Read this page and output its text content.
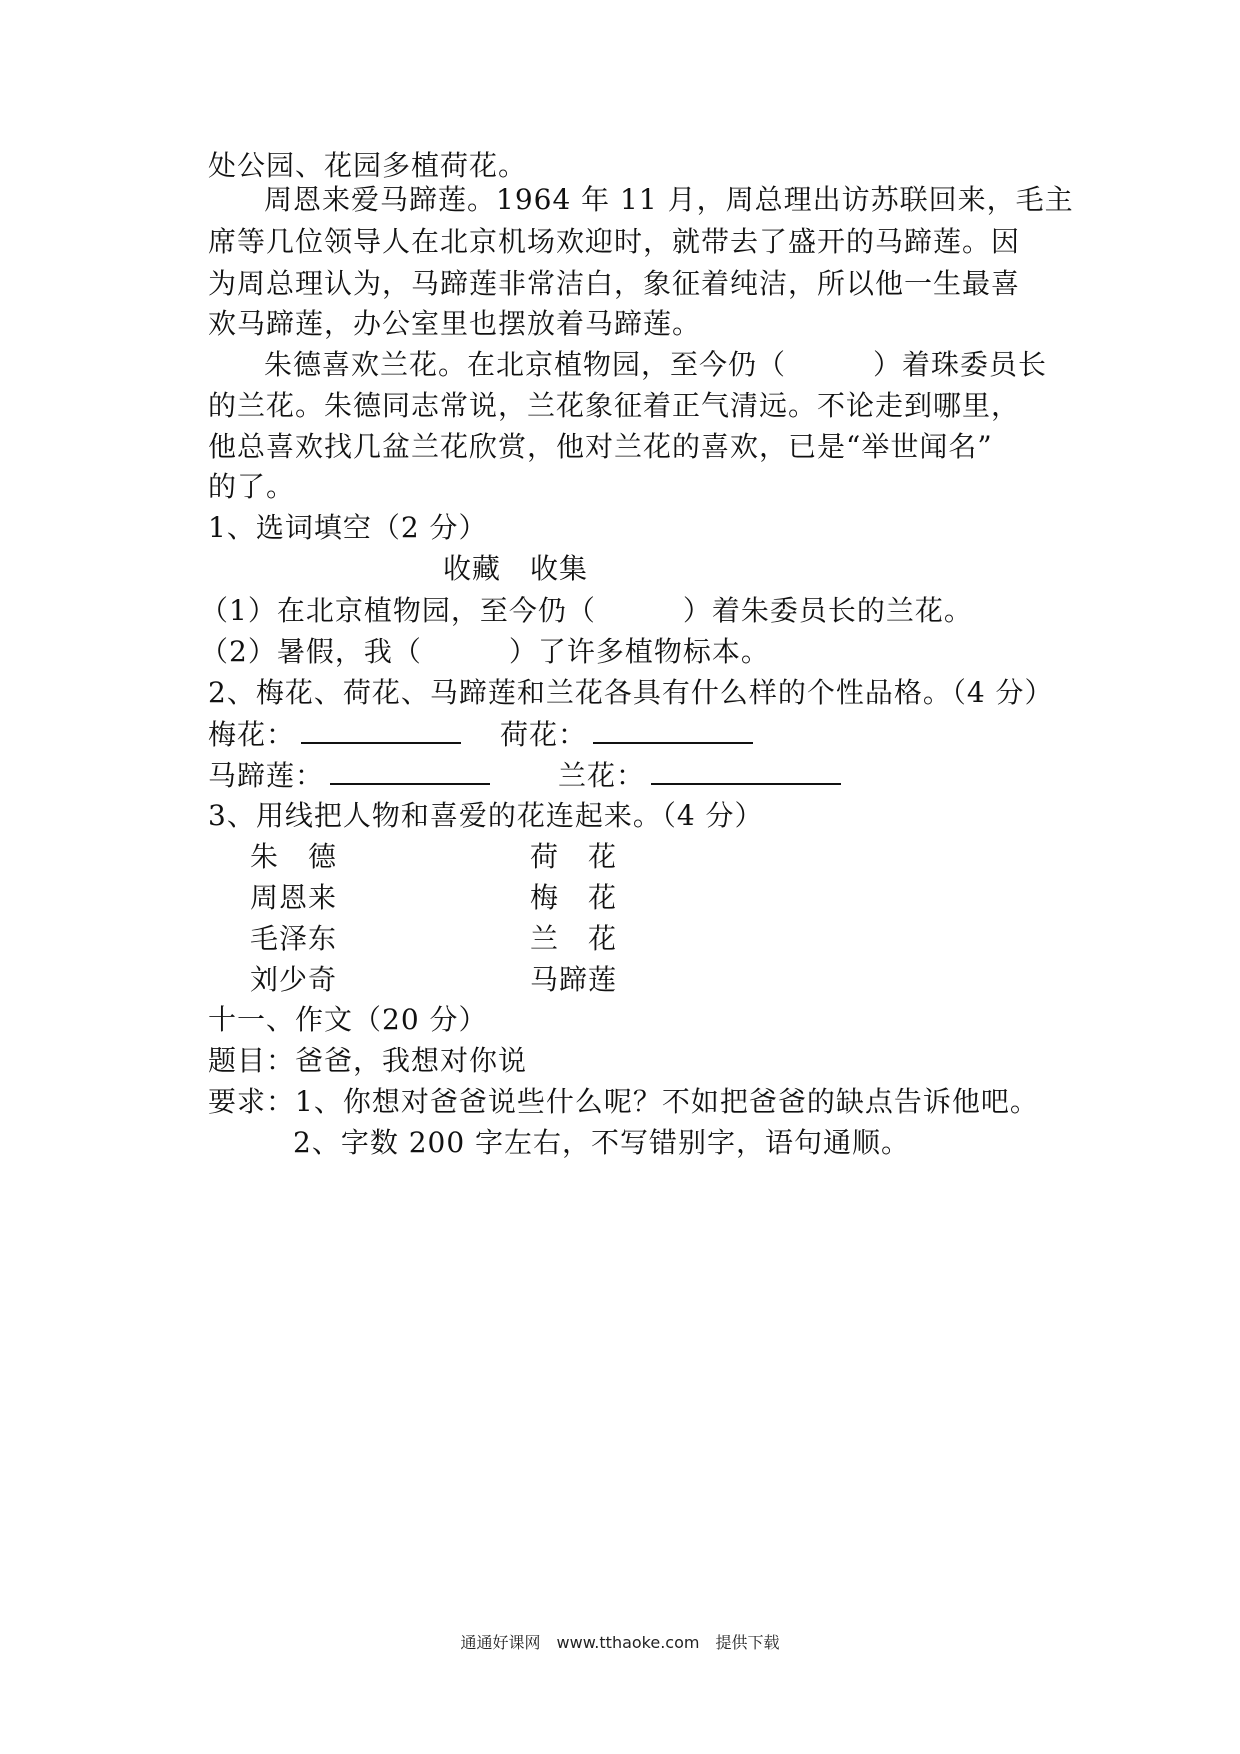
处公园、花园多植荷花。
周恩来爱马蹄莲。1964 年 11 月，周总理出访苏联回来，毛主
席等几位领导人在北京机场欢迎时，就带去了盛开的马蹄莲。因
为周总理认为，马蹄莲非常洁白，象征着纯洁，所以他一生最喜
欢马蹄莲，办公室里也摆放着马蹄莲。
朱德喜欢兰花。在北京植物园，至今仍（　　　）着珠委员长
的兰花。朱德同志常说，兰花象征着正气清远。不论走到哪里，
他总喜欢找几盆兰花欣赏，他对兰花的喜欢，已是“举世闻名”
的了。
1、选词填空（2 分）
收藏　收集
（1）在北京植物园，至今仍（　　　）着朱委员长的兰花。
（2）暑假，我（　　　）了许多植物标本。
2、梅花、荷花、马蹄莲和兰花各具有什么样的个性品格。（4 分）
梅花：	荷花：
马蹄莲：	兰花：
3、用线把人物和喜爱的花连起来。（4 分）
朱　德	荷　花
周恩来	梅　花
毛泽东	兰　花
刘少奇	马蹄莲
十一、作文（20 分）
题目：爸爸，我想对你说
要求：1、你想对爸爸说些什么呢？不如把爸爸的缺点告诉他吧。
2、字数 200 字左右，不写错别字，语句通顺。
通通好课网　www.tthaoke.com　提供下载
